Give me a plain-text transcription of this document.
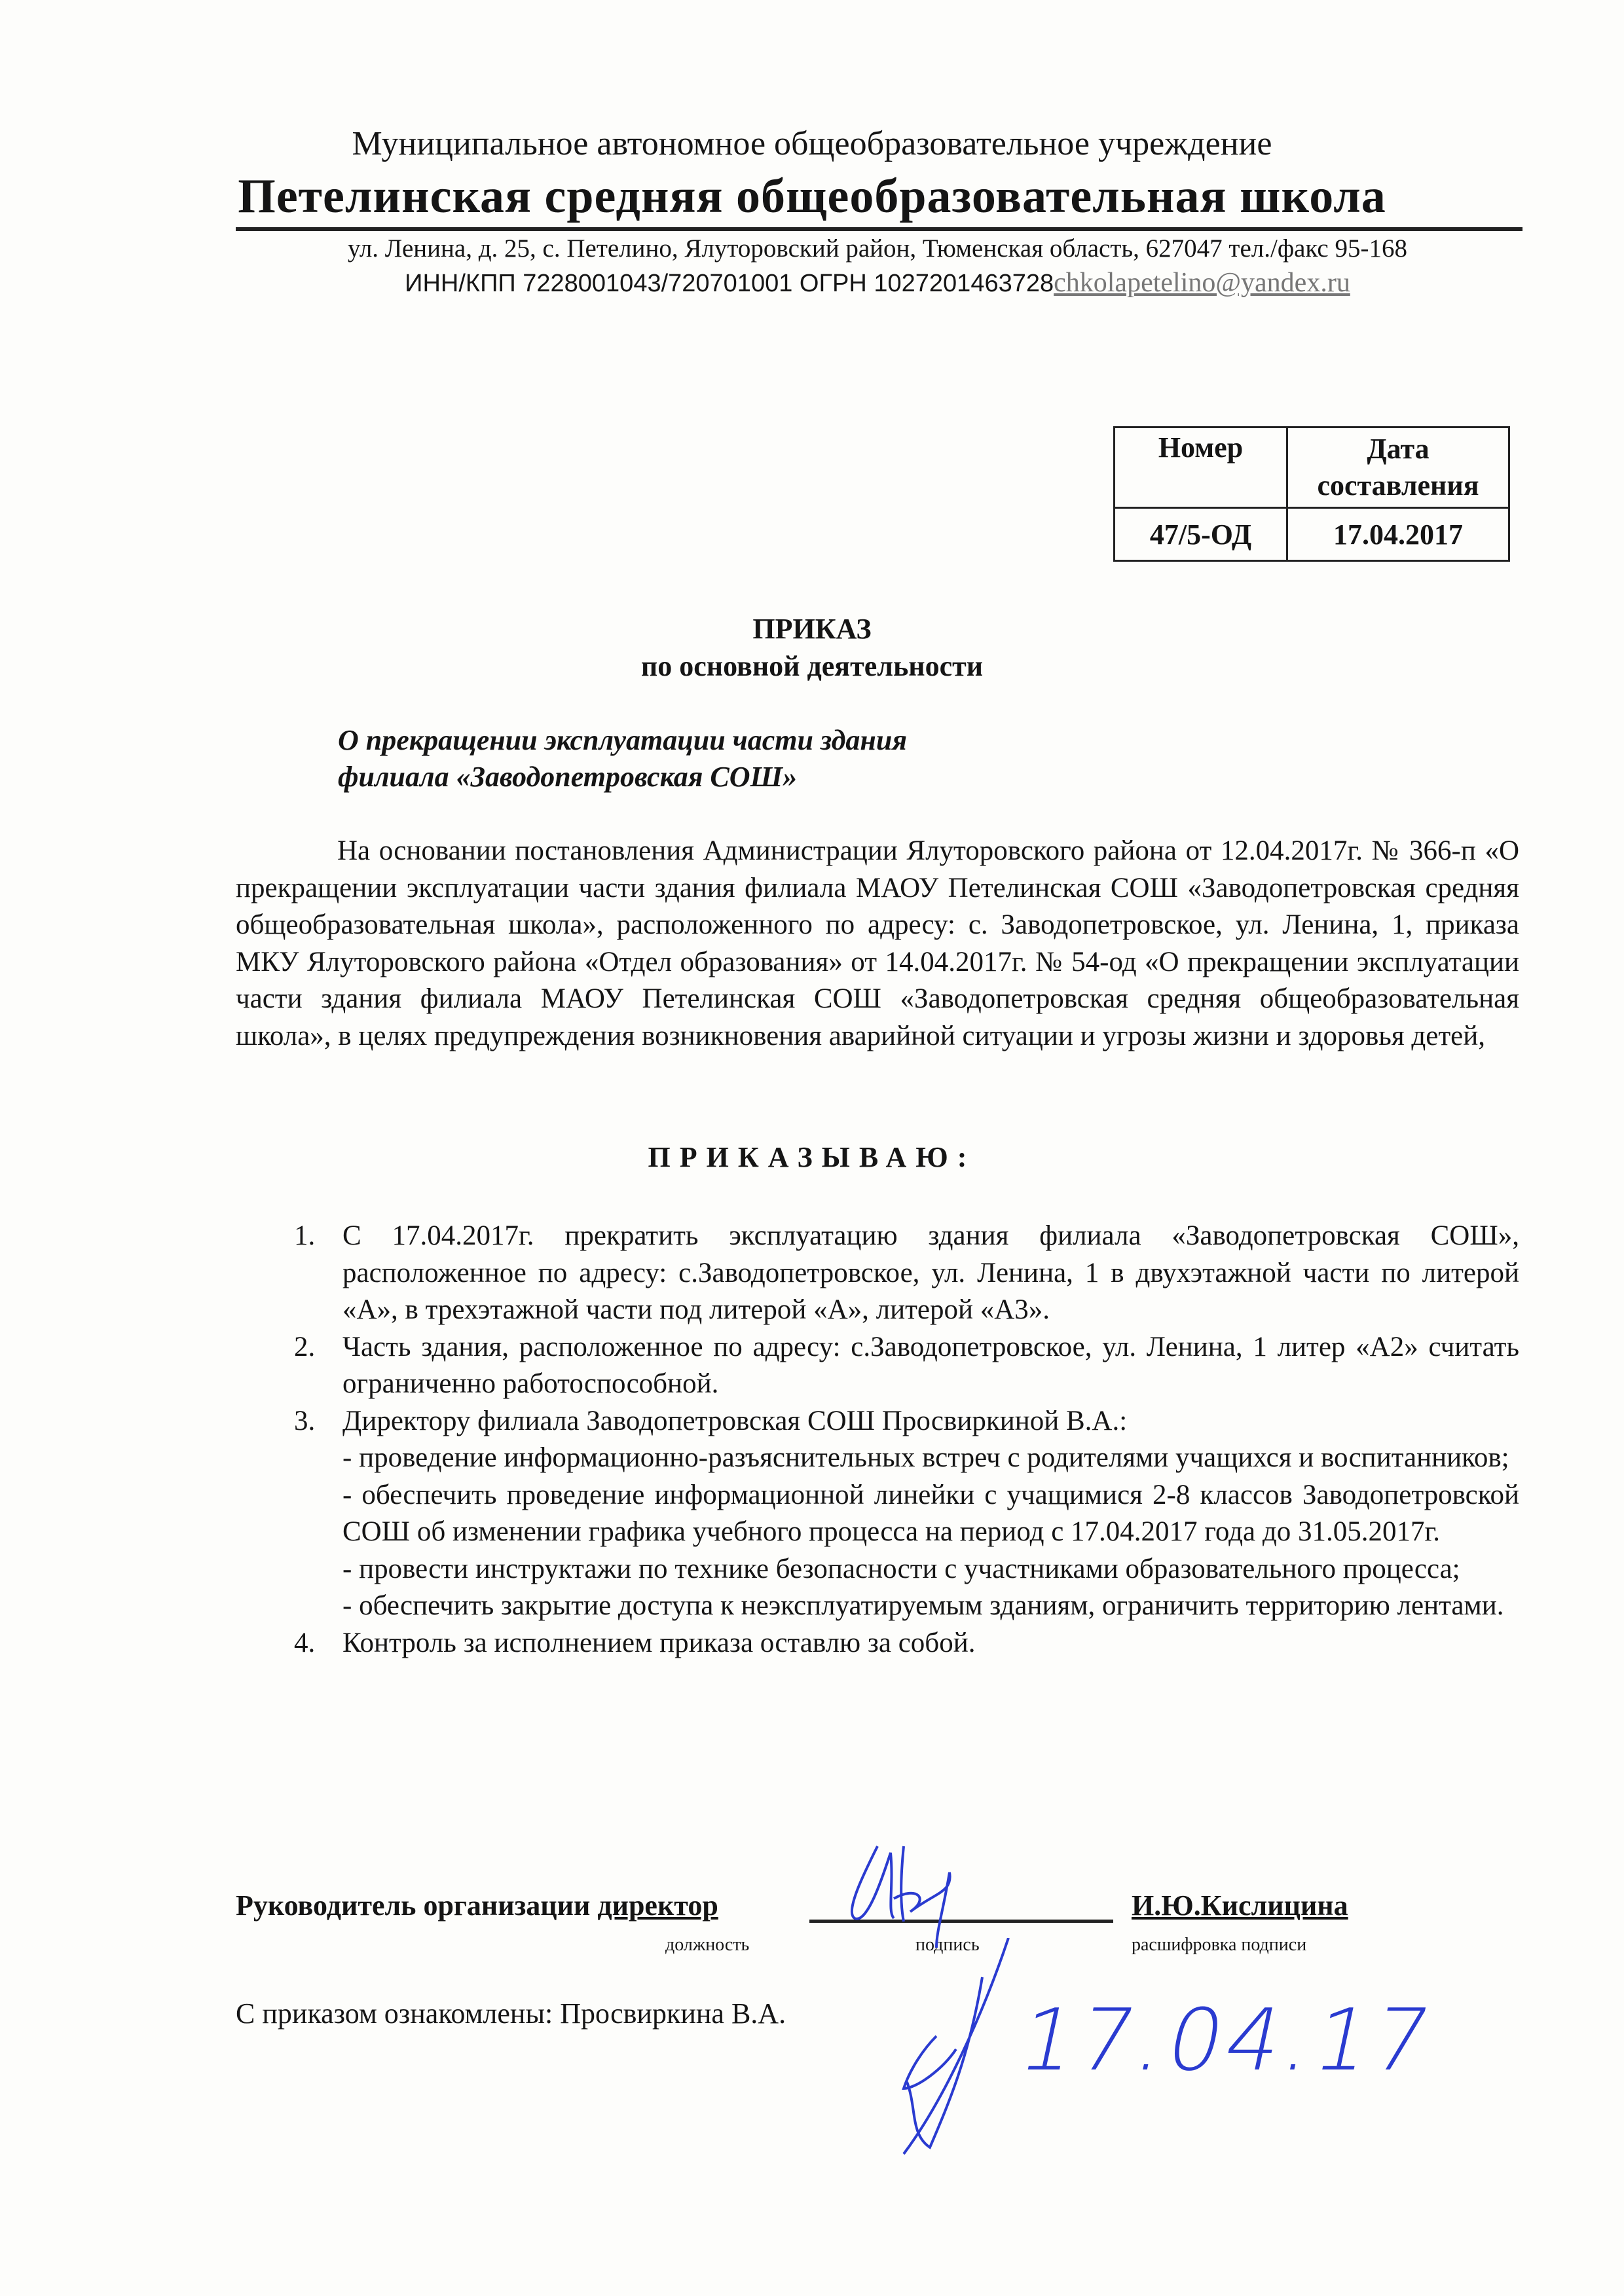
Муниципальное автономное общеобразовательное учреждение
Петелинская средняя общеобразовательная школа
ул. Ленина, д. 25, с. Петелино, Ялуторовский район, Тюменская область, 627047 тел./факс 95-168
ИНН/КПП 7228001043/720701001 ОГРН 1027201463728chkolapetelino@yandex.ru
Номер	Дата
составления
47/5-ОД	17.04.2017
ПРИКАЗ
по основной деятельности
О прекращении эксплуатации части здания
филиала «Заводопетровская СОШ»
На основании постановления Администрации Ялуторовского района от 12.04.2017г. № 366-п «О прекращении эксплуатации части здания филиала МАОУ Петелинская СОШ «Заводопетровская средняя общеобразовательная школа», расположенного по адресу: с. Заводопетровское, ул. Ленина, 1, приказа МКУ Ялуторовского района «Отдел образования» от 14.04.2017г. № 54-од «О прекращении эксплуатации части здания филиала МАОУ Петелинская СОШ «Заводопетровская средняя общеобразовательная школа», в целях предупреждения возникновения аварийной ситуации и угрозы жизни и здоровья детей,
ПРИКАЗЫВАЮ:
1. С 17.04.2017г. прекратить эксплуатацию здания филиала «Заводопетровская СОШ», расположенное по адресу: с.Заводопетровское, ул. Ленина, 1 в двухэтажной части по литерой «А», в трехэтажной части под литерой «А», литерой «А3».
2. Часть здания, расположенное по адресу: с.Заводопетровское, ул. Ленина, 1 литер «А2» считать ограниченно работоспособной.
3. Директору филиала Заводопетровская СОШ Просвиркиной В.А.:
- проведение информационно-разъяснительных встреч с родителями учащихся и воспитанников;
- обеспечить проведение информационной линейки с учащимися 2-8 классов Заводопетровской СОШ об изменении графика учебного процесса на период с 17.04.2017 года до 31.05.2017г.
- провести инструктажи по технике безопасности с участниками образовательного процесса;
- обеспечить закрытие доступа к неэксплуатируемым зданиям, ограничить территорию лентами.
4. Контроль за исполнением приказа оставлю за собой.
Руководитель организации директор	И.Ю.Кислицина
должность	подпись	расшифровка подписи
С приказом ознакомлены: Просвиркина В.А.	17.04.17
